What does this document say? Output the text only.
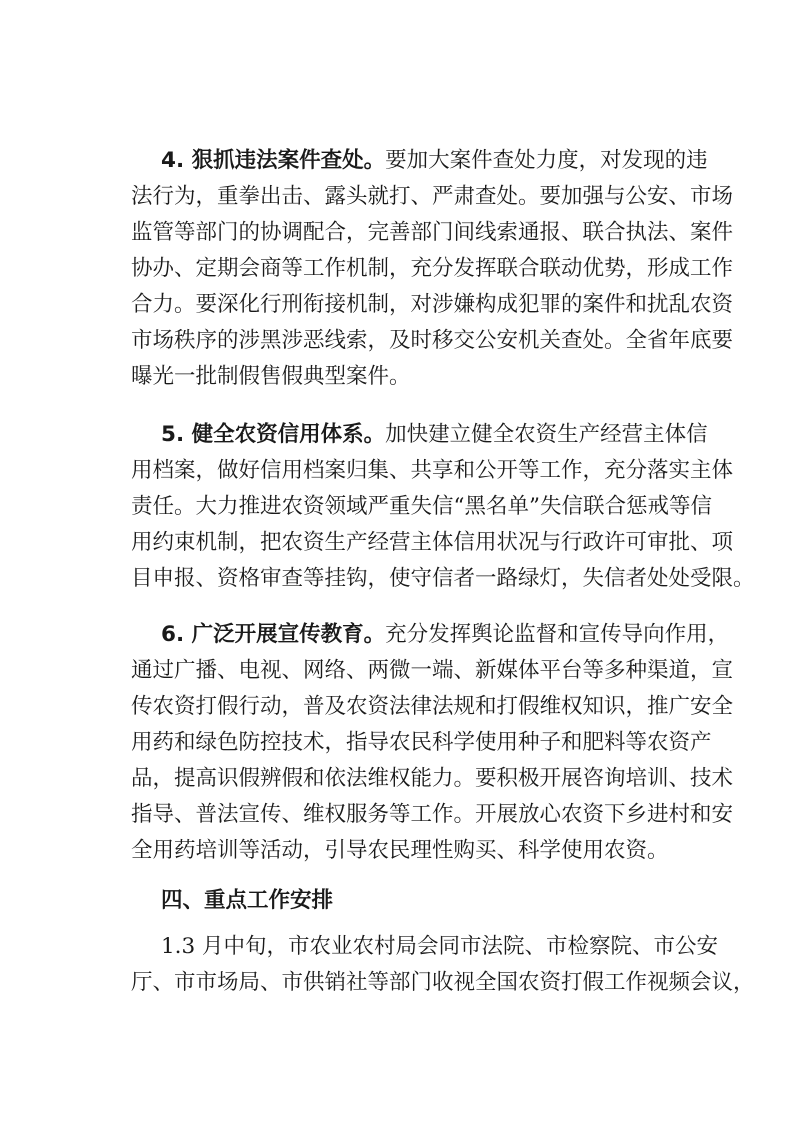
4. 狠抓违法案件查处。要加大案件查处力度，对发现的违
法行为，重拳出击、露头就打、严肃查处。要加强与公安、市场
监管等部门的协调配合，完善部门间线索通报、联合执法、案件
协办、定期会商等工作机制，充分发挥联合联动优势，形成工作
合力。要深化行刑衔接机制，对涉嫌构成犯罪的案件和扰乱农资
市场秩序的涉黑涉恶线索，及时移交公安机关查处。全省年底要
曝光一批制假售假典型案件。
5. 健全农资信用体系。加快建立健全农资生产经营主体信
用档案，做好信用档案归集、共享和公开等工作，充分落实主体
责任。大力推进农资领域严重失信“黑名单”失信联合惩戒等信
用约束机制，把农资生产经营主体信用状况与行政许可审批、项
目申报、资格审查等挂钩，使守信者一路绿灯，失信者处处受限。
6. 广泛开展宣传教育。充分发挥舆论监督和宣传导向作用，
通过广播、电视、网络、两微一端、新媒体平台等多种渠道，宣
传农资打假行动，普及农资法律法规和打假维权知识，推广安全
用药和绿色防控技术，指导农民科学使用种子和肥料等农资产
品，提高识假辨假和依法维权能力。要积极开展咨询培训、技术
指导、普法宣传、维权服务等工作。开展放心农资下乡进村和安
全用药培训等活动，引导农民理性购买、科学使用农资。
四、重点工作安排
1.3 月中旬，市农业农村局会同市法院、市检察院、市公安
厅、市市场局、市供销社等部门收视全国农资打假工作视频会议，
